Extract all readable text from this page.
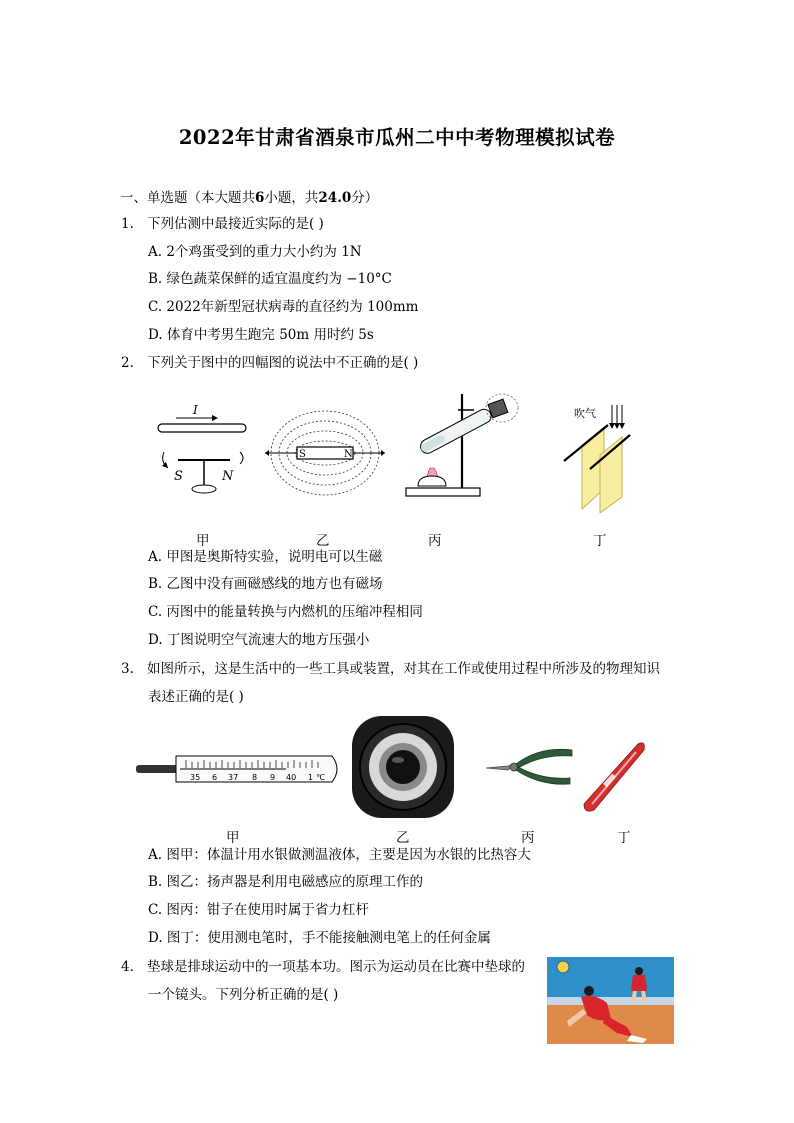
2022年甘肃省酒泉市瓜州二中中考物理模拟试卷
一、单选题（本大题共6小题，共24.0分）
1. 下列估测中最接近实际的是( )
A. 2个鸡蛋受到的重力大小约为 1N
B. 绿色蔬菜保鲜的适宜温度约为 −10°C
C. 2022年新型冠状病毒的直径约为 100mm
D. 体育中考男生跑完 50m 用时约 5s
2. 下列关于图中的四幅图的说法中不正确的是( )
I
S	N
甲
S	N
乙	丙
吹气
丁
A. 甲图是奥斯特实验，说明电可以生磁
B. 乙图中没有画磁感线的地方也有磁场
C. 丙图中的能量转换与内燃机的压缩冲程相同
D. 丁图说明空气流速大的地方压强小
3. 如图所示，这是生活中的一些工具或装置，对其在工作或使用过程中所涉及的物理知识
表述正确的是( )
35 6 37 8 9 40 1 ℃
甲	乙	丙	丁
A. 图甲：体温计用水银做测温液体，主要是因为水银的比热容大
B. 图乙：扬声器是利用电磁感应的原理工作的
C. 图丙：钳子在使用时属于省力杠杆
D. 图丁：使用测电笔时，手不能接触测电笔上的任何金属
4. 垫球是排球运动中的一项基本功。图示为运动员在比赛中垫球的
一个镜头。下列分析正确的是( )
